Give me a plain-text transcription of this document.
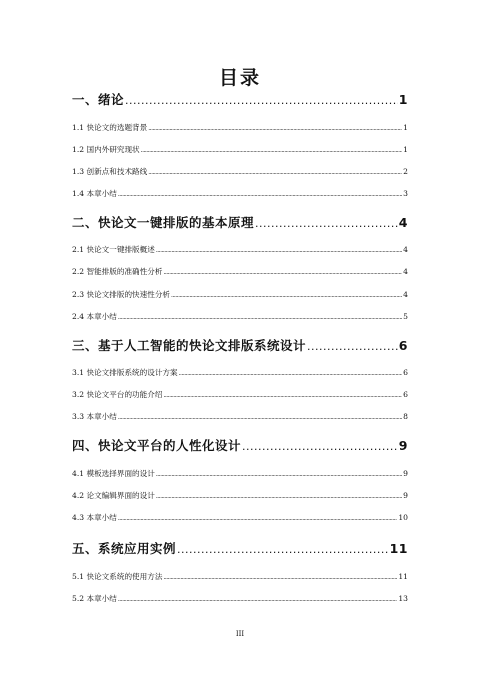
目录
一、绪论 .....	1
1.1 快论文的选题背景 .....	1
1.2 国内外研究现状 .....	1
1.3 创新点和技术路线 .....	2
1.4 本章小结 .....	3
二、快论文一键排版的基本原理 .....	4
2.1 快论文一键排版概述 .....	4
2.2 智能排版的准确性分析 .....	4
2.3 快论文排版的快速性分析 .....	4
2.4 本章小结 .....	5
三、基于人工智能的快论文排版系统设计 .....	6
3.1 快论文排版系统的设计方案 .....	6
3.2 快论文平台的功能介绍 .....	6
3.3 本章小结 .....	8
四、快论文平台的人性化设计 .....	9
4.1 模板选择界面的设计 .....	9
4.2 论文编辑界面的设计 .....	9
4.3 本章小结 .....	10
五、系统应用实例 .....	11
5.1 快论文系统的使用方法 .....	11
5.2 本章小结 .....	13
III
